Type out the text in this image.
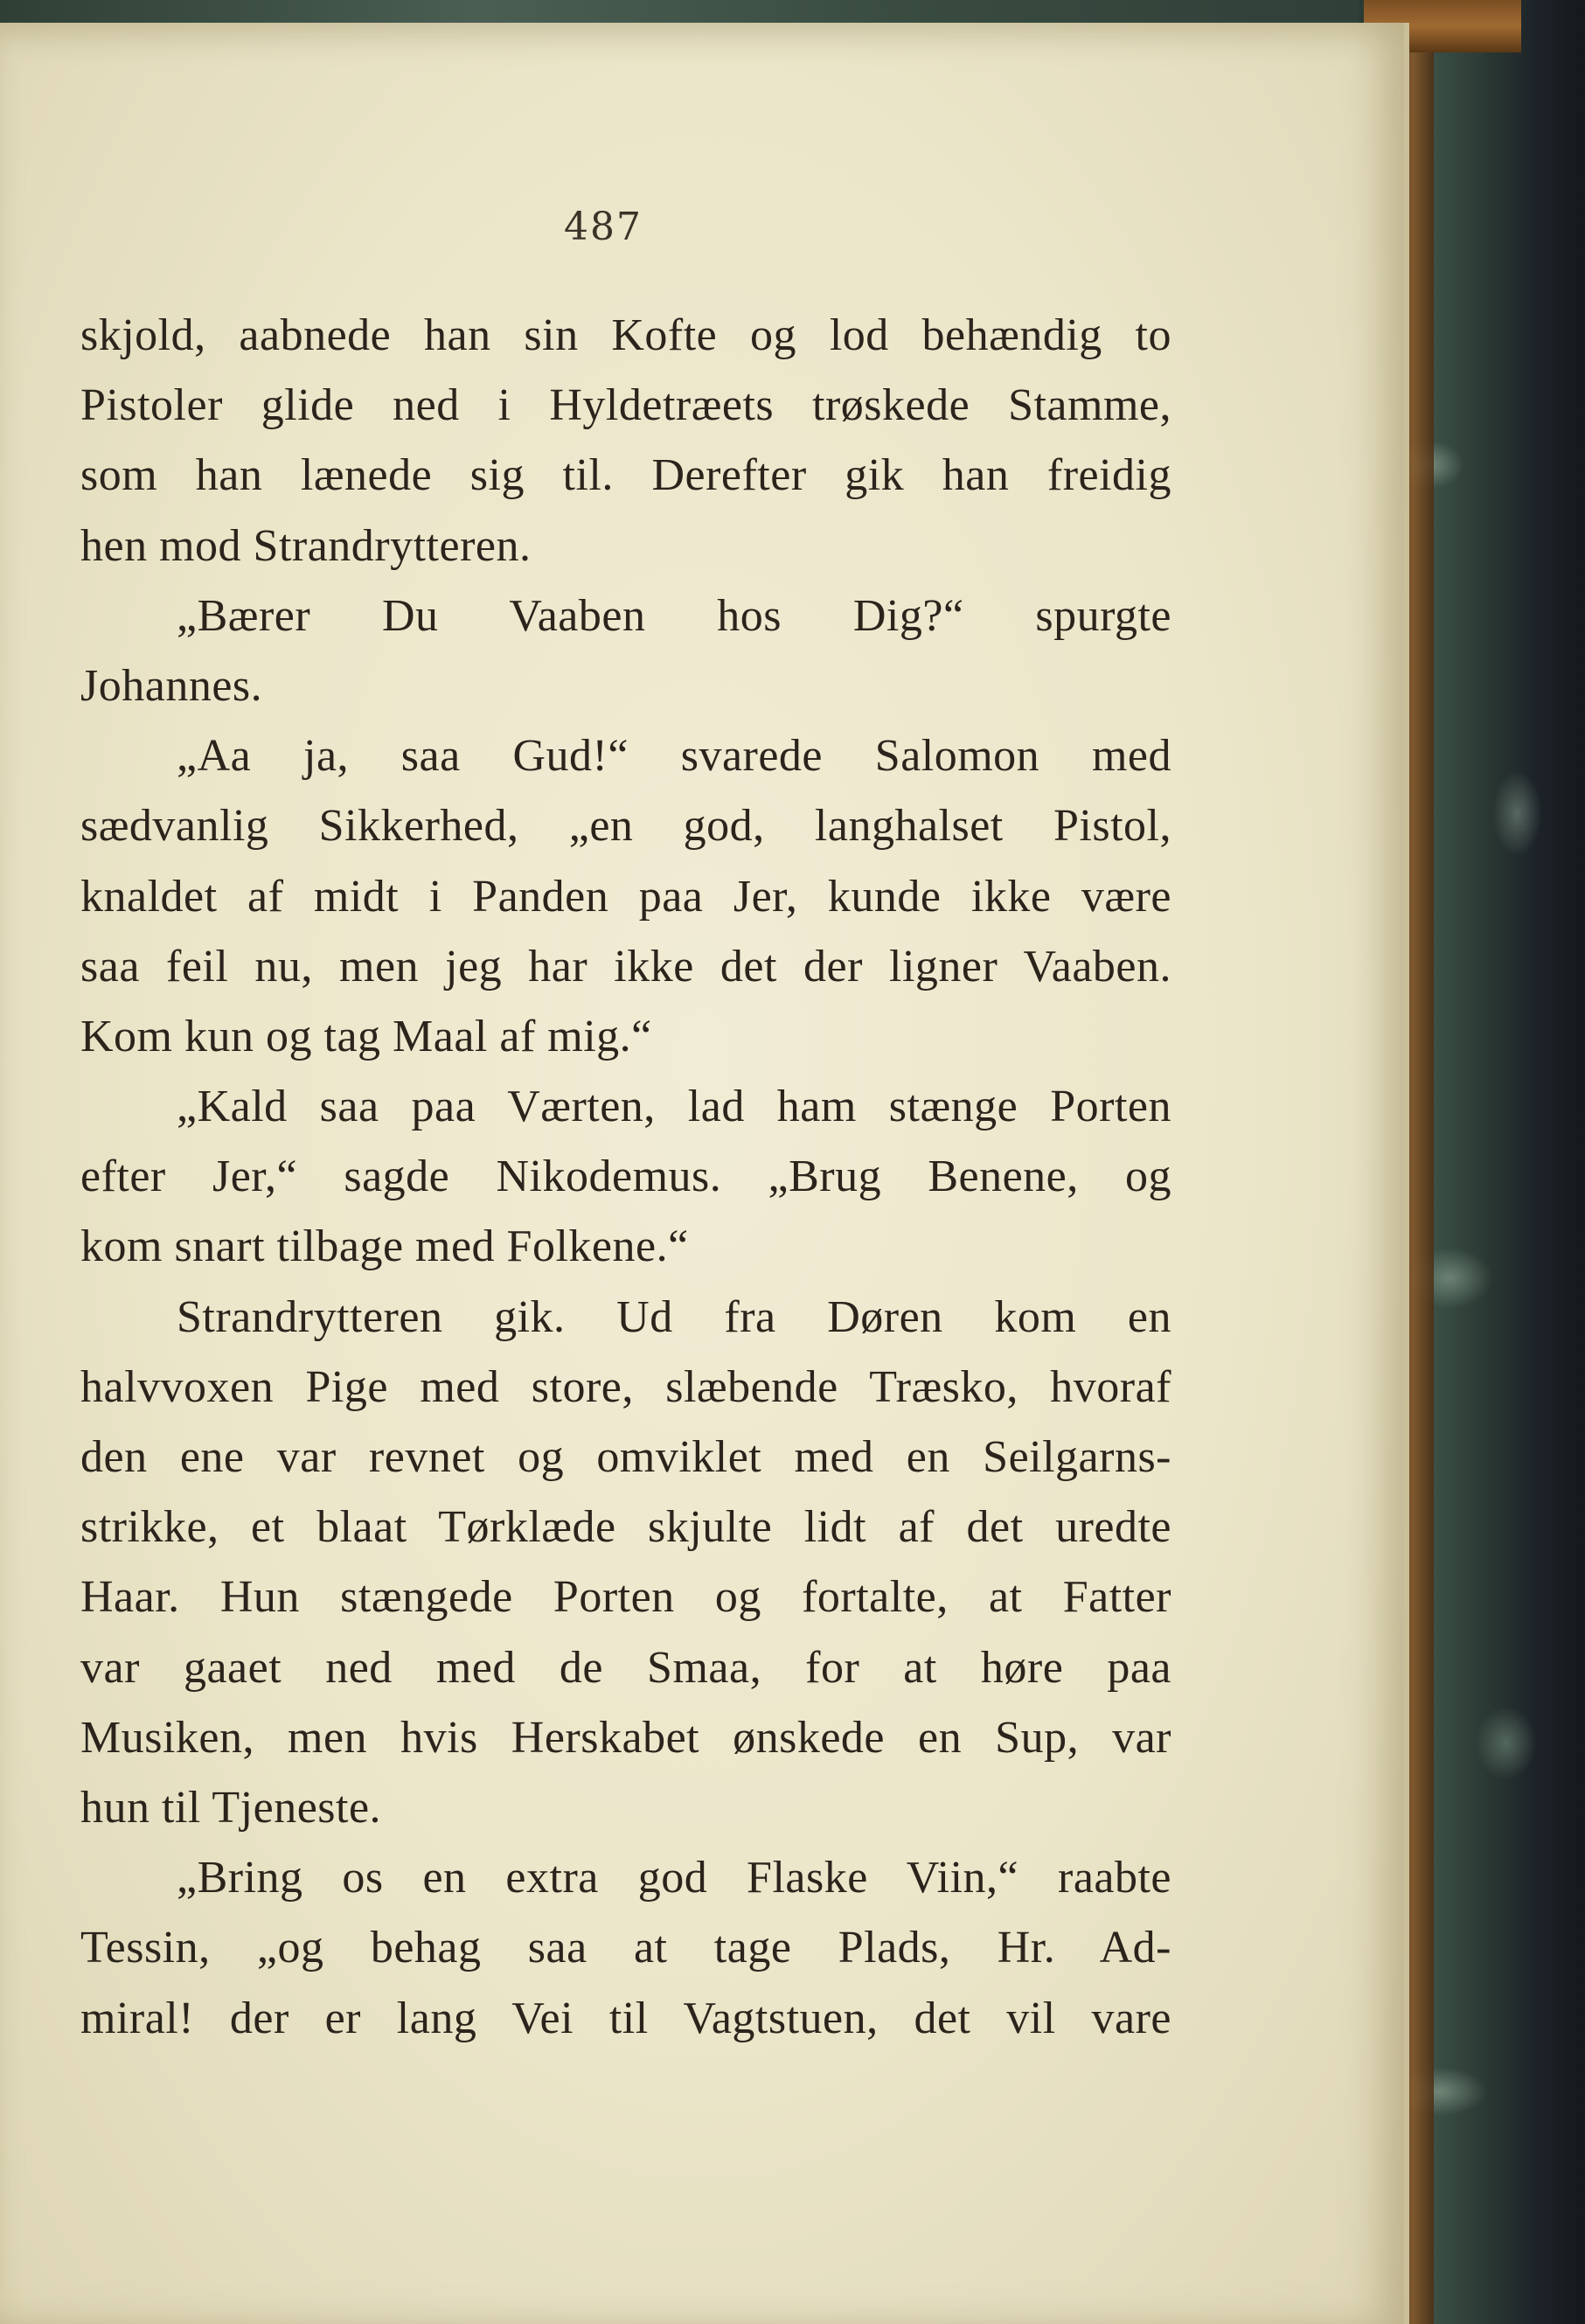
487
skjold, aabnede han sin Kofte og lod behændig to
Pistoler glide ned i Hyldetræets trøskede Stamme,
som han lænede sig til. Derefter gik han freidig
hen mod Strandrytteren.
„Bærer Du Vaaben hos Dig?“ spurgte
Johannes.
„Aa ja, saa Gud!“ svarede Salomon med
sædvanlig Sikkerhed, „en god, langhalset Pistol,
knaldet af midt i Panden paa Jer, kunde ikke være
saa feil nu, men jeg har ikke det der ligner Vaaben.
Kom kun og tag Maal af mig.“
„Kald saa paa Værten, lad ham stænge Porten
efter Jer,“ sagde Nikodemus. „Brug Benene, og
kom snart tilbage med Folkene.“
Strandrytteren gik. Ud fra Døren kom en
halvvoxen Pige med store, slæbende Træsko, hvoraf
den ene var revnet og omviklet med en Seilgarns-
strikke, et blaat Tørklæde skjulte lidt af det uredte
Haar. Hun stængede Porten og fortalte, at Fatter
var gaaet ned med de Smaa, for at høre paa
Musiken, men hvis Herskabet ønskede en Sup, var
hun til Tjeneste.
„Bring os en extra god Flaske Viin,“ raabte
Tessin, „og behag saa at tage Plads, Hr. Ad-
miral! der er lang Vei til Vagtstuen, det vil vare
